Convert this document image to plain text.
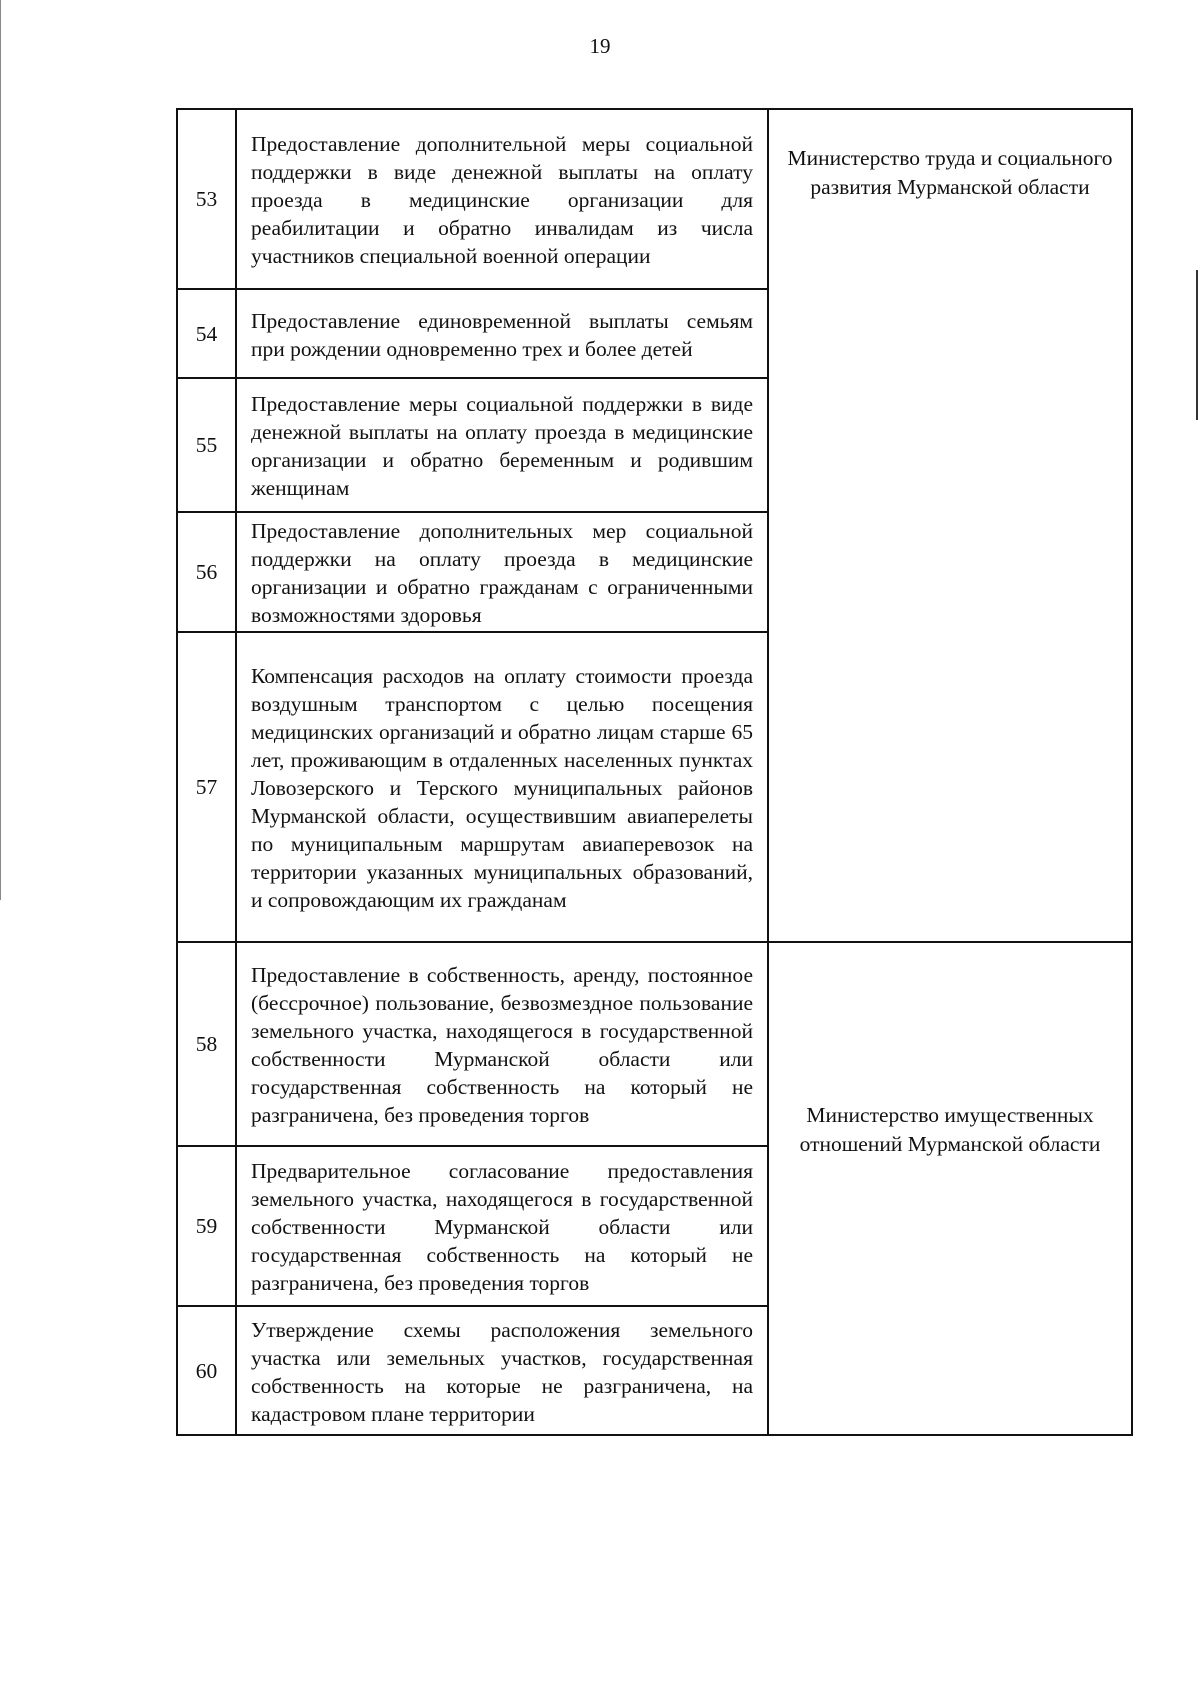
19
53	Предоставление дополнительной меры социальной поддержки в виде денежной выплаты на оплату проезда в медицинские организации для реабилитации и обратно инвалидам из числа участников специальной военной операции	Министерство труда и социального развития Мурманской области

54	Предоставление единовременной выплаты семьям при рождении одновременно трех и более детей	

55	Предоставление меры социальной поддержки в виде денежной выплаты на оплату проезда в медицинские организации и обратно беременным и родившим женщинам	

56	Предоставление дополнительных мер социальной поддержки на оплату проезда в медицинские организации и обратно гражданам с ограниченными возможностями здоровья	

57	Компенсация расходов на оплату стоимости проезда воздушным транспортом с целью посещения медицинских организаций и обратно лицам старше 65 лет, проживающим в отдаленных населенных пунктах Ловозерского и Терского муниципальных районов Мурманской области, осуществившим авиаперелеты по муниципальным маршрутам авиаперевозок на территории указанных муниципальных образований, и сопровождающим их гражданам	

58	Предоставление в собственность, аренду, постоянное (бессрочное) пользование, безвозмездное пользование земельного участка, находящегося в государственной собственности Мурманской области или государственная собственность на который не разграничена, без проведения торгов	Министерство имущественных отношений Мурманской области

59	Предварительное согласование предоставления земельного участка, находящегося в государственной собственности Мурманской области или государственная собственность на который не разграничена, без проведения торгов	

60	Утверждение схемы расположения земельного участка или земельных участков, государственная собственность на которые не разграничена, на кадастровом плане территории	
